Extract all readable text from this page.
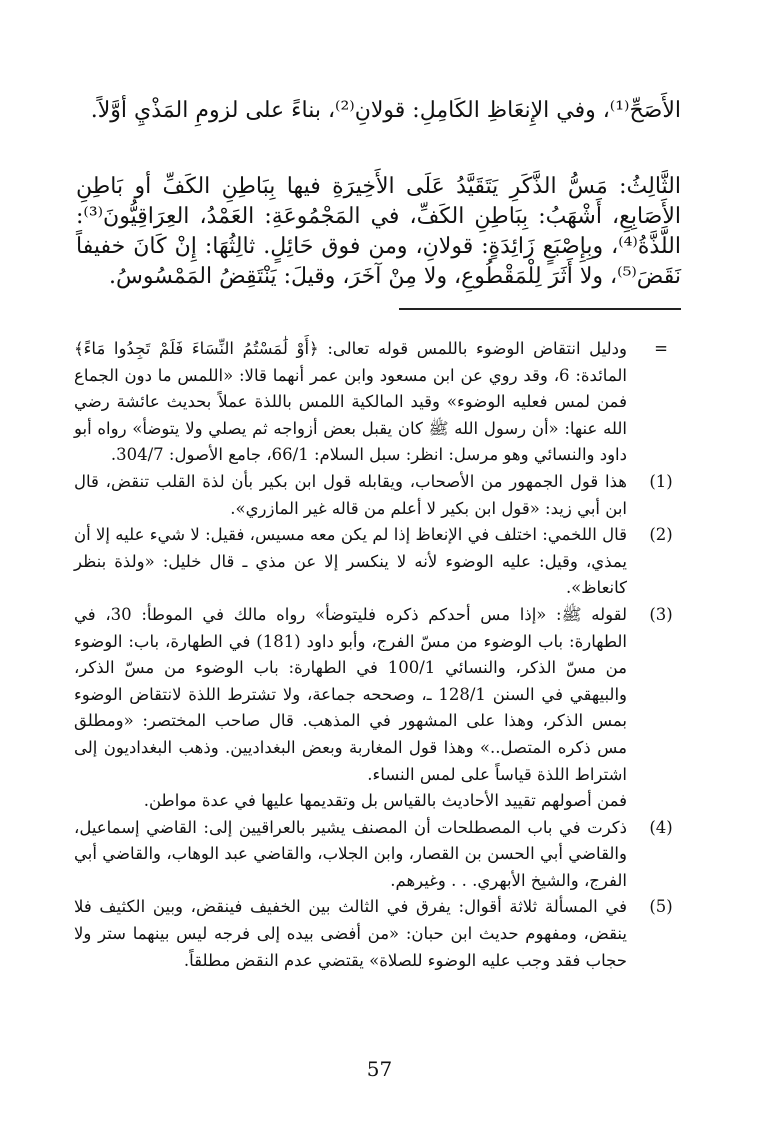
الأَصَحِّ⁽¹⁾، وفي الإِنعَاظِ الكَامِلِ: قولانِ⁽²⁾، بناءً على لزومِ المَذْيِ أوَّلاً.

الثَّالِثُ: مَسُّ الذَّكَرِ يَتَقَيَّدُ عَلَى الأَخِيرَةِ فيها بِبَاطِنِ الكَفِّ أو بَاطِنِ الأَصَابِعِ، أَشْهَبُ: بِبَاطِنِ الكَفِّ، في المَجْمُوعَةِ: العَمْدُ، العِرَاقِيُّونَ⁽³⁾: اللَّذَّةُ⁽⁴⁾، وبِإِصْبَعٍ زَائِدَةٍ: قولانِ، ومن فوق حَائِلٍ. ثالِثُهَا: إِنْ كَانَ خفيفاً نَقَضَ⁽⁵⁾، ولا أَثَرَ لِلْمَقْطُوعِ، ولا مِنْ آخَرَ، وقيلَ: يَنْتَقِضُ المَمْسُوسُ.

=
ودليل انتقاض الوضوء باللمس قوله تعالى: ﴿أَوْ لَٰمَسْتُمُ النِّسَاءَ فَلَمْ تَجِدُوا مَاءً﴾ المائدة: 6، وقد روي عن ابن مسعود وابن عمر أنهما قالا: «اللمس ما دون الجماع فمن لمس فعليه الوضوء» وقيد المالكية اللمس باللذة عملاً بحديث عائشة رضي الله عنها: «أن رسول الله ﷺ كان يقبل بعض أزواجه ثم يصلي ولا يتوضأ» رواه أبو داود والنسائي وهو مرسل: انظر: سبل السلام: 66/1، جامع الأصول: 304/7.
(1)
هذا قول الجمهور من الأصحاب، ويقابله قول ابن بكير بأن لذة القلب تنقض، قال ابن أبي زيد: «قول ابن بكير لا أعلم من قاله غير المازري».
(2)
قال اللخمي: اختلف في الإنعاظ إذا لم يكن معه مسيس، فقيل: لا شيء عليه إلا أن يمذي، وقيل: عليه الوضوء لأنه لا ينكسر إلا عن مذي ـ قال خليل: «ولذة بنظر كانعاظ».
(3)
لقوله ﷺ: «إذا مس أحدكم ذكره فليتوضأ» رواه مالك في الموطأ: 30، في الطهارة: باب الوضوء من مسّ الفرج، وأبو داود (181) في الطهارة، باب: الوضوء من مسّ الذكر، والنسائي 100/1 في الطهارة: باب الوضوء من مسّ الذكر، والبيهقي في السنن 128/1 ـ، وصححه جماعة، ولا تشترط اللذة لانتقاض الوضوء بمس الذكر، وهذا على المشهور في المذهب. قال صاحب المختصر: «ومطلق مس ذكره المتصل..» وهذا قول المغاربة وبعض البغداديين. وذهب البغداديون إلى اشتراط اللذة قياساً على لمس النساء.

فمن أصولهم تقييد الأحاديث بالقياس بل وتقديمها عليها في عدة مواطن.

(4)
ذكرت في باب المصطلحات أن المصنف يشير بالعراقيين إلى: القاضي إسماعيل، والقاضي أبي الحسن بن القصار، وابن الجلاب، والقاضي عبد الوهاب، والقاضي أبي الفرج، والشيخ الأبهري. . . وغيرهم.
(5)
في المسألة ثلاثة أقوال: يفرق في الثالث بين الخفيف فينقض، وبين الكثيف فلا ينقض، ومفهوم حديث ابن حبان: «من أفضى بيده إلى فرجه ليس بينهما ستر ولا حجاب فقد وجب عليه الوضوء للصلاة» يقتضي عدم النقض مطلقاً.
57
